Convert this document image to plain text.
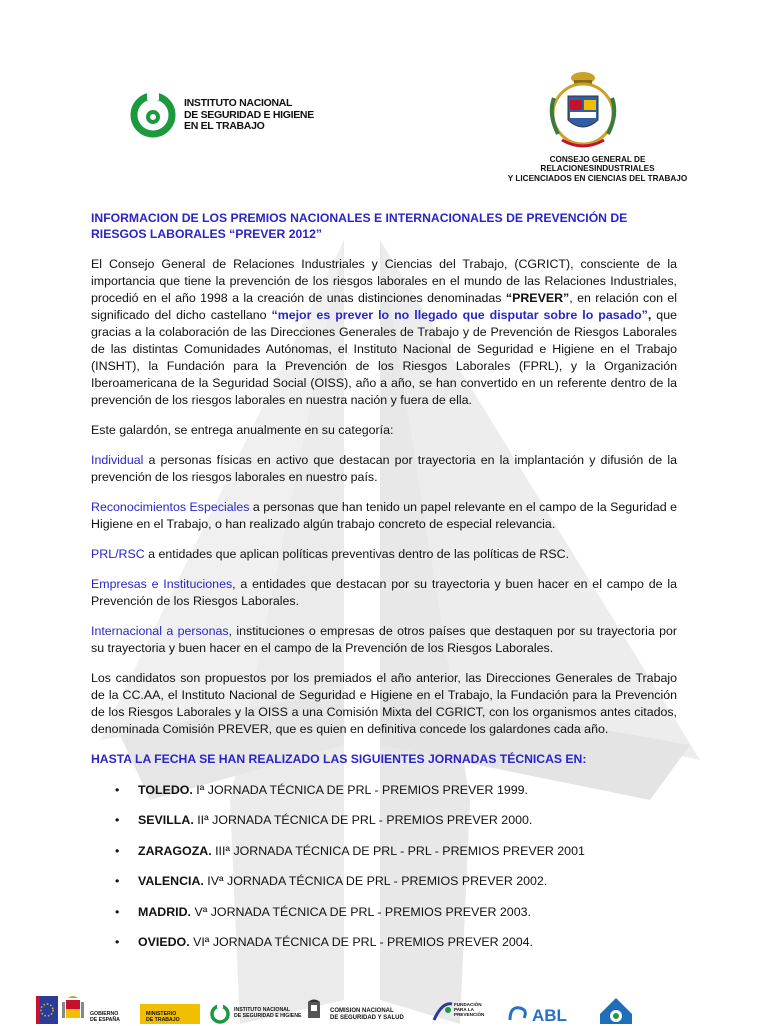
INSTITUTO NACIONAL
DE SEGURIDAD E HIGIENE
EN EL TRABAJO
CONSEJO GENERAL DE
RELACIONESINDUSTRIALES
Y LICENCIADOS EN CIENCIAS DEL TRABAJO
INFORMACION DE LOS PREMIOS NACIONALES E INTERNACIONALES DE PREVENCIÓN DE RIESGOS LABORALES “PREVER 2012”

El Consejo General de Relaciones Industriales y Ciencias del Trabajo, (CGRICT), consciente de la importancia que tiene la prevención de los riesgos laborales en el mundo de las Relaciones Industriales, procedió en el año 1998 a la creación de unas distinciones denominadas “PREVER”, en relación con el significado del dicho castellano “mejor es prever lo no llegado que disputar sobre lo pasado”, que gracias a la colaboración de las Direcciones Generales de Trabajo y de Prevención de Riesgos Laborales de las distintas Comunidades Autónomas, el Instituto Nacional de Seguridad e Higiene en el Trabajo (INSHT), la Fundación para la Prevención de los Riesgos Laborales (FPRL), y la Organización Iberoamericana de la Seguridad Social (OISS), año a año, se han convertido en un referente dentro de la prevención de los riesgos laborales en nuestra nación y fuera de ella.

Este galardón, se entrega anualmente en su categoría:

Individual a personas físicas en activo que destacan por trayectoria en la implantación y difusión de la prevención de los riesgos laborales en nuestro país.

Reconocimientos Especiales a personas que han tenido un papel relevante en el campo de la Seguridad e Higiene en el Trabajo, o han realizado algún trabajo concreto de especial relevancia.

PRL/RSC a entidades que aplican políticas preventivas dentro de las políticas de RSC.

Empresas e Instituciones, a entidades que destacan por su trayectoria y buen hacer en el campo de la Prevención de los Riesgos Laborales.

Internacional a personas, instituciones o empresas de otros países que destaquen por su trayectoria por su trayectoria y buen hacer en el campo de la Prevención de los Riesgos Laborales.

Los candidatos son propuestos por los premiados el año anterior, las Direcciones Generales de Trabajo de la CC.AA, el Instituto Nacional de Seguridad e Higiene en el Trabajo, la Fundación para la Prevención de los Riesgos Laborales y la OISS a una Comisión Mixta del CGRICT, con los organismos antes citados, denominada Comisión PREVER, que es quien en definitiva concede los galardones cada año.

HASTA LA FECHA SE HAN REALIZADO LAS SIGUIENTES JORNADAS TÉCNICAS EN:
• TOLEDO. Iª JORNADA TÉCNICA DE PRL - PREMIOS PREVER 1999.
• SEVILLA. IIª JORNADA TÉCNICA DE PRL - PREMIOS PREVER 2000.
• ZARAGOZA. IIIª JORNADA TÉCNICA DE PRL - PRL - PREMIOS PREVER 2001
• VALENCIA. IVª JORNADA TÉCNICA DE PRL - PREMIOS PREVER 2002.
• MADRID. Vª JORNADA TÉCNICA DE PRL - PREMIOS PREVER 2003.
• OVIEDO. VIª JORNADA TÉCNICA DE PRL - PREMIOS PREVER 2004.
GOBIERNO
DE ESPAÑA
MINISTERIO
DE TRABAJO
INSTITUTO NACIONAL
DE SEGURIDAD E HIGIENE
COMISION NACIONAL
DE SEGURIDAD Y SALUD
FUNDACIÓN
PARA LA
PREVENCIÓN	ABL
